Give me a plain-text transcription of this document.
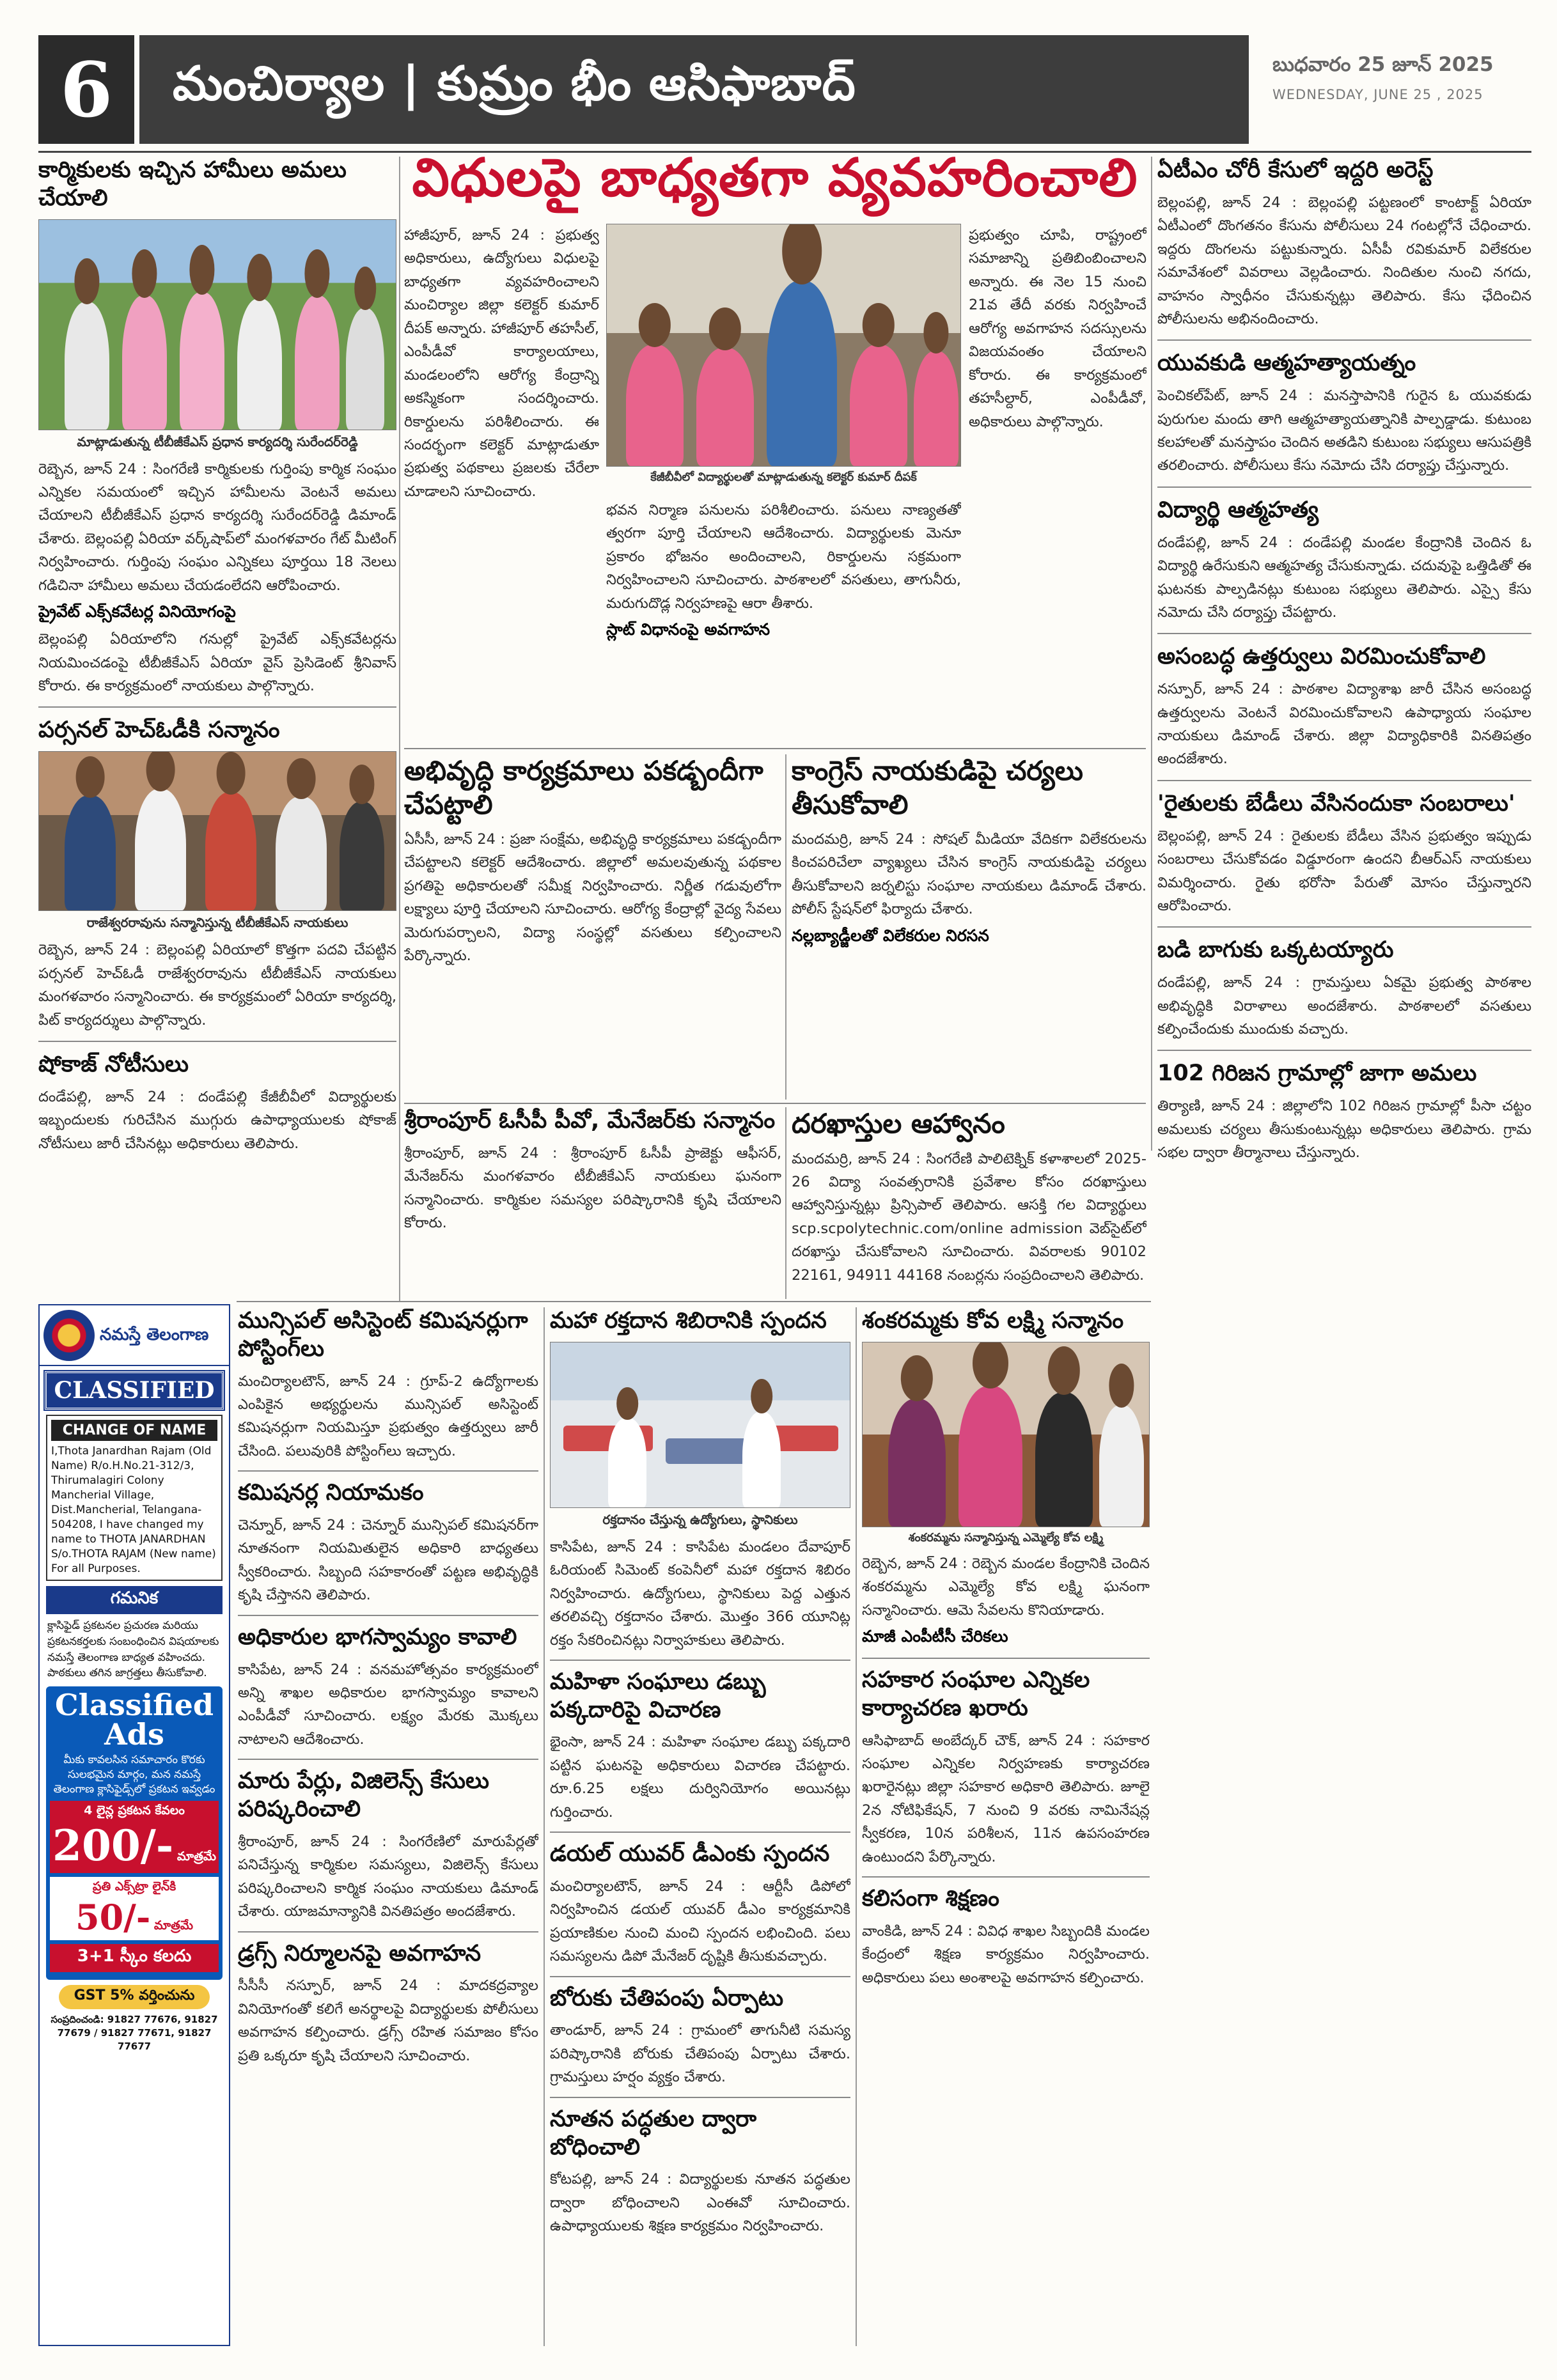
6	మంచిర్యాల | కుమ్రం భీం ఆసిఫాబాద్	బుధవారం 25 జూన్ 2025
WEDNESDAY, JUNE 25 , 2025
కార్మికులకు ఇచ్చిన హామీలు అమలు చేయాలి
మాట్లాడుతున్న టీబీజీకేఎస్ ప్రధాన కార్యదర్శి సురేందర్‌రెడ్డి
రెబ్బెన, జూన్ 24 : సింగరేణి కార్మికులకు గుర్తింపు కార్మిక సంఘం ఎన్నికల సమయంలో ఇచ్చిన హామీలను వెంటనే అమలు చేయాలని టీబీజీకేఎస్ ప్రధాన కార్యదర్శి సురేందర్‌రెడ్డి డిమాండ్ చేశారు. బెల్లంపల్లి ఏరియా వర్క్‌షాప్‌లో మంగళవారం గేట్ మీటింగ్ నిర్వహించారు. గుర్తింపు సంఘం ఎన్నికలు పూర్తయి 18 నెలలు గడిచినా హామీలు అమలు చేయడంలేదని ఆరోపించారు.
ప్రైవేట్ ఎక్స్‌కవేటర్ల వినియోగంపై
బెల్లంపల్లి ఏరియాలోని గనుల్లో ప్రైవేట్ ఎక్స్‌కవేటర్లను నియమించడంపై టీబీజీకేఎస్ ఏరియా వైస్ ప్రెసిడెంట్ శ్రీనివాస్ కోరారు. ఈ కార్యక్రమంలో నాయకులు పాల్గొన్నారు.
పర్సనల్ హెచ్ఓడీకి సన్మానం
రాజేశ్వరరావును సన్మానిస్తున్న టీబీజీకేఎస్ నాయకులు
రెబ్బెన, జూన్ 24 : బెల్లంపల్లి ఏరియాలో కొత్తగా పదవి చేపట్టిన పర్సనల్ హెచ్ఓడీ రాజేశ్వరరావును టీబీజీకేఎస్ నాయకులు మంగళవారం సన్మానించారు. ఈ కార్యక్రమంలో ఏరియా కార్యదర్శి, పిట్ కార్యదర్శులు పాల్గొన్నారు.
షోకాజ్ నోటీసులు
దండేపల్లి, జూన్ 24 : దండేపల్లి కేజీబీవీలో విద్యార్థులకు ఇబ్బందులకు గురిచేసిన ముగ్గురు ఉపాధ్యాయులకు షోకాజ్ నోటీసులు జారీ చేసినట్లు అధికారులు తెలిపారు.
విధులపై బాధ్యతగా వ్యవహరించాలి
హాజీపూర్, జూన్ 24 : ప్రభుత్వ అధికారులు, ఉద్యోగులు విధులపై బాధ్యతగా వ్యవహరించాలని మంచిర్యాల జిల్లా కలెక్టర్ కుమార్ దీపక్ అన్నారు. హాజీపూర్ తహసీల్, ఎంపీడీవో కార్యాలయాలు, మండలంలోని ఆరోగ్య కేంద్రాన్ని అకస్మికంగా సందర్శించారు. రికార్డులను పరిశీలించారు. ఈ సందర్భంగా కలెక్టర్ మాట్లాడుతూ ప్రభుత్వ పథకాలు ప్రజలకు చేరేలా చూడాలని సూచించారు.
కేజీబీవీలో విద్యార్థులతో మాట్లాడుతున్న కలెక్టర్ కుమార్ దీపక్
భవన నిర్మాణ పనులను పరిశీలించారు. పనులు నాణ్యతతో త్వరగా పూర్తి చేయాలని ఆదేశించారు. విద్యార్థులకు మెనూ ప్రకారం భోజనం అందించాలని, రికార్డులను సక్రమంగా నిర్వహించాలని సూచించారు. పాఠశాలలో వసతులు, తాగునీరు, మరుగుదొడ్ల నిర్వహణపై ఆరా తీశారు.
స్లాట్ విధానంపై అవగాహన
ప్రభుత్వం చూపి, రాష్ట్రంలో సమాజాన్ని ప్రతిబింబించాలని అన్నారు. ఈ నెల 15 నుంచి 21వ తేదీ వరకు నిర్వహించే ఆరోగ్య అవగాహన సదస్సులను విజయవంతం చేయాలని కోరారు. ఈ కార్యక్రమంలో తహసీల్దార్, ఎంపీడీవో, అధికారులు పాల్గొన్నారు.
అభివృద్ధి కార్యక్రమాలు పకడ్బందీగా చేపట్టాలి
ఏసీసీ, జూన్ 24 : ప్రజా సంక్షేమ, అభివృద్ధి కార్యక్రమాలు పకడ్బందీగా చేపట్టాలని కలెక్టర్ ఆదేశించారు. జిల్లాలో అమలవుతున్న పథకాల ప్రగతిపై అధికారులతో సమీక్ష నిర్వహించారు. నిర్ణీత గడువులోగా లక్ష్యాలు పూర్తి చేయాలని సూచించారు. ఆరోగ్య కేంద్రాల్లో వైద్య సేవలు మెరుగుపర్చాలని, విద్యా సంస్థల్లో వసతులు కల్పించాలని పేర్కొన్నారు.
కాంగ్రెస్ నాయకుడిపై చర్యలు తీసుకోవాలి
మందమర్రి, జూన్ 24 : సోషల్ మీడియా వేదికగా విలేకరులను కించపరిచేలా వ్యాఖ్యలు చేసిన కాంగ్రెస్ నాయకుడిపై చర్యలు తీసుకోవాలని జర్నలిస్టు సంఘాల నాయకులు డిమాండ్ చేశారు. పోలీస్ స్టేషన్‌లో ఫిర్యాదు చేశారు.
నల్లబ్యాడ్జీలతో విలేకరుల నిరసన
శ్రీరాంపూర్ ఓసీపీ పీవో, మేనేజర్‌కు సన్మానం
శ్రీరాంపూర్, జూన్ 24 : శ్రీరాంపూర్ ఓసీపీ ప్రాజెక్టు ఆఫీసర్, మేనేజర్‌ను మంగళవారం టీబీజీకేఎస్ నాయకులు ఘనంగా సన్మానించారు. కార్మికుల సమస్యల పరిష్కారానికి కృషి చేయాలని కోరారు.
దరఖాస్తుల ఆహ్వానం
మందమర్రి, జూన్ 24 : సింగరేణి పాలిటెక్నిక్ కళాశాలలో 2025-26 విద్యా సంవత్సరానికి ప్రవేశాల కోసం దరఖాస్తులు ఆహ్వానిస్తున్నట్లు ప్రిన్సిపాల్ తెలిపారు. ఆసక్తి గల విద్యార్థులు scp.scpolytechnic.com/online admission వెబ్‌సైట్‌లో దరఖాస్తు చేసుకోవాలని సూచించారు. వివరాలకు 90102 22161, 94911 44168 నంబర్లను సంప్రదించాలని తెలిపారు.
ఏటీఎం చోరీ కేసులో ఇద్దరి అరెస్ట్
బెల్లంపల్లి, జూన్ 24 : బెల్లంపల్లి పట్టణంలో కాంటాక్ట్ ఏరియా ఏటీఎంలో దొంగతనం కేసును పోలీసులు 24 గంటల్లోనే చేధించారు. ఇద్దరు దొంగలను పట్టుకున్నారు. ఏసీపీ రవికుమార్ విలేకరుల సమావేశంలో వివరాలు వెల్లడించారు. నిందితుల నుంచి నగదు, వాహనం స్వాధీనం చేసుకున్నట్లు తెలిపారు. కేసు ఛేదించిన పోలీసులను అభినందించారు.
యువకుడి ఆత్మహత్యాయత్నం
పెంచికల్‌పేట్, జూన్ 24 : మనస్తాపానికి గురైన ఓ యువకుడు పురుగుల మందు తాగి ఆత్మహత్యాయత్నానికి పాల్పడ్డాడు. కుటుంబ కలహాలతో మనస్తాపం చెందిన అతడిని కుటుంబ సభ్యులు ఆసుపత్రికి తరలించారు. పోలీసులు కేసు నమోదు చేసి దర్యాప్తు చేస్తున్నారు.
విద్యార్థి ఆత్మహత్య
దండేపల్లి, జూన్ 24 : దండేపల్లి మండల కేంద్రానికి చెందిన ఓ విద్యార్థి ఉరేసుకుని ఆత్మహత్య చేసుకున్నాడు. చదువుపై ఒత్తిడితో ఈ ఘటనకు పాల్పడినట్లు కుటుంబ సభ్యులు తెలిపారు. ఎస్సై కేసు నమోదు చేసి దర్యాప్తు చేపట్టారు.
అసంబద్ధ ఉత్తర్వులు విరమించుకోవాలి
నస్పూర్, జూన్ 24 : పాఠశాల విద్యాశాఖ జారీ చేసిన అసంబద్ధ ఉత్తర్వులను వెంటనే విరమించుకోవాలని ఉపాధ్యాయ సంఘాల నాయకులు డిమాండ్ చేశారు. జిల్లా విద్యాధికారికి వినతిపత్రం అందజేశారు.
'రైతులకు బేడీలు వేసినందుకా సంబరాలు'
బెల్లంపల్లి, జూన్ 24 : రైతులకు బేడీలు వేసిన ప్రభుత్వం ఇప్పుడు సంబరాలు చేసుకోవడం విడ్డూరంగా ఉందని బీఆర్ఎస్ నాయకులు విమర్శించారు. రైతు భరోసా పేరుతో మోసం చేస్తున్నారని ఆరోపించారు.
బడి బాగుకు ఒక్కటయ్యారు
దండేపల్లి, జూన్ 24 : గ్రామస్తులు ఏకమై ప్రభుత్వ పాఠశాల అభివృద్ధికి విరాళాలు అందజేశారు. పాఠశాలలో వసతులు కల్పించేందుకు ముందుకు వచ్చారు.
102 గిరిజన గ్రామాల్లో జాగా అమలు
తిర్యాణి, జూన్ 24 : జిల్లాలోని 102 గిరిజన గ్రామాల్లో పీసా చట్టం అమలుకు చర్యలు తీసుకుంటున్నట్లు అధికారులు తెలిపారు. గ్రామ సభల ద్వారా తీర్మానాలు చేస్తున్నారు.
నమస్తే తెలంగాణ
CLASSIFIED
CHANGE OF NAME
I,Thota Janardhan Rajam (Old Name) R/o.H.No.21-312/3, Thirumalagiri Colony Mancherial Village, Dist.Mancherial, Telangana-504208, I have changed my name to THOTA JANARDHAN S/o.THOTA RAJAM (New name) For all Purposes.
గమనిక
క్లాసిఫైడ్ ప్రకటనల ప్రచురణ మరియు ప్రకటనకర్తలకు సంబంధించిన విషయాలకు నమస్తే తెలంగాణ బాధ్యత వహించదు. పాఠకులు తగిన జాగ్రత్తలు తీసుకోవాలి.
Classified Ads
మీకు కావలసిన సమాచారం కొరకు సులభమైన మార్గం, మన నమస్తే తెలంగాణ క్లాసిఫైడ్స్‌లో ప్రకటన ఇవ్వడం
4 లైన్ల ప్రకటన కేవలం
200/- మాత్రమే
ప్రతి ఎక్స్‌ట్రా లైన్‌కి
50/- మాత్రమే
3+1 స్కీం కలదు
GST 5% వర్తించును
సంప్రదించండి: 91827 77676, 91827 77679 / 91827 77671, 91827 77677
మున్సిపల్ అసిస్టెంట్ కమిషనర్లుగా పోస్టింగ్‌లు
మంచిర్యాలటౌన్, జూన్ 24 : గ్రూప్-2 ఉద్యోగాలకు ఎంపికైన అభ్యర్థులను మున్సిపల్ అసిస్టెంట్ కమిషనర్లుగా నియమిస్తూ ప్రభుత్వం ఉత్తర్వులు జారీ చేసింది. పలువురికి పోస్టింగ్‌లు ఇచ్చారు.
కమిషనర్ల నియామకం
చెన్నూర్, జూన్ 24 : చెన్నూర్ మున్సిపల్ కమిషనర్‌గా నూతనంగా నియమితులైన అధికారి బాధ్యతలు స్వీకరించారు. సిబ్బంది సహకారంతో పట్టణ అభివృద్ధికి కృషి చేస్తానని తెలిపారు.
అధికారుల భాగస్వామ్యం కావాలి
కాసిపేట, జూన్ 24 : వనమహోత్సవం కార్యక్రమంలో అన్ని శాఖల అధికారుల భాగస్వామ్యం కావాలని ఎంపీడీవో సూచించారు. లక్ష్యం మేరకు మొక్కలు నాటాలని ఆదేశించారు.
మారు పేర్లు, విజిలెన్స్ కేసులు పరిష్కరించాలి
శ్రీరాంపూర్, జూన్ 24 : సింగరేణిలో మారుపేర్లతో పనిచేస్తున్న కార్మికుల సమస్యలు, విజిలెన్స్ కేసులు పరిష్కరించాలని కార్మిక సంఘం నాయకులు డిమాండ్ చేశారు. యాజమాన్యానికి వినతిపత్రం అందజేశారు.
డ్రగ్స్ నిర్మూలనపై అవగాహన
సీసీసీ నస్పూర్, జూన్ 24 : మాదకద్రవ్యాల వినియోగంతో కలిగే అనర్థాలపై విద్యార్థులకు పోలీసులు అవగాహన కల్పించారు. డ్రగ్స్ రహిత సమాజం కోసం ప్రతి ఒక్కరూ కృషి చేయాలని సూచించారు.
మహా రక్తదాన శిబిరానికి స్పందన
రక్తదానం చేస్తున్న ఉద్యోగులు, స్థానికులు
కాసిపేట, జూన్ 24 : కాసిపేట మండలం దేవాపూర్ ఓరియంట్ సిమెంట్ కంపెనీలో మహా రక్తదాన శిబిరం నిర్వహించారు. ఉద్యోగులు, స్థానికులు పెద్ద ఎత్తున తరలివచ్చి రక్తదానం చేశారు. మొత్తం 366 యూనిట్ల రక్తం సేకరించినట్లు నిర్వాహకులు తెలిపారు.
మహిళా సంఘాలు డబ్బు పక్కదారిపై విచారణ
భైంసా, జూన్ 24 : మహిళా సంఘాల డబ్బు పక్కదారి పట్టిన ఘటనపై అధికారులు విచారణ చేపట్టారు. రూ.6.25 లక్షలు దుర్వినియోగం అయినట్లు గుర్తించారు.
డయల్ యువర్ డీఎంకు స్పందన
మంచిర్యాలటౌన్, జూన్ 24 : ఆర్టీసీ డిపోలో నిర్వహించిన డయల్ యువర్ డీఎం కార్యక్రమానికి ప్రయాణికుల నుంచి మంచి స్పందన లభించింది. పలు సమస్యలను డిపో మేనేజర్ దృష్టికి తీసుకువచ్చారు.
బోరుకు చేతిపంపు ఏర్పాటు
తాండూర్, జూన్ 24 : గ్రామంలో తాగునీటి సమస్య పరిష్కారానికి బోరుకు చేతిపంపు ఏర్పాటు చేశారు. గ్రామస్తులు హర్షం వ్యక్తం చేశారు.
నూతన పద్ధతుల ద్వారా బోధించాలి
కోటపల్లి, జూన్ 24 : విద్యార్థులకు నూతన పద్ధతుల ద్వారా బోధించాలని ఎంఈవో సూచించారు. ఉపాధ్యాయులకు శిక్షణ కార్యక్రమం నిర్వహించారు.
శంకరమ్మకు కోవ లక్ష్మి సన్మానం
శంకరమ్మను సన్మానిస్తున్న ఎమ్మెల్యే కోవ లక్ష్మి
రెబ్బెన, జూన్ 24 : రెబ్బెన మండల కేంద్రానికి చెందిన శంకరమ్మను ఎమ్మెల్యే కోవ లక్ష్మి ఘనంగా సన్మానించారు. ఆమె సేవలను కొనియాడారు.
మాజీ ఎంపీటీసీ చేరికలు
సహకార సంఘాల ఎన్నికల కార్యాచరణ ఖరారు
ఆసిఫాబాద్ అంబేద్కర్ చౌక్, జూన్ 24 : సహకార సంఘాల ఎన్నికల నిర్వహణకు కార్యాచరణ ఖరారైనట్లు జిల్లా సహకార అధికారి తెలిపారు. జూలై 2న నోటిఫికేషన్, 7 నుంచి 9 వరకు నామినేషన్ల స్వీకరణ, 10న పరిశీలన, 11న ఉపసంహరణ ఉంటుందని పేర్కొన్నారు.
కలిసంగా శిక్షణం
వాంకిడి, జూన్ 24 : వివిధ శాఖల సిబ్బందికి మండల కేంద్రంలో శిక్షణ కార్యక్రమం నిర్వహించారు. అధికారులు పలు అంశాలపై అవగాహన కల్పించారు.
